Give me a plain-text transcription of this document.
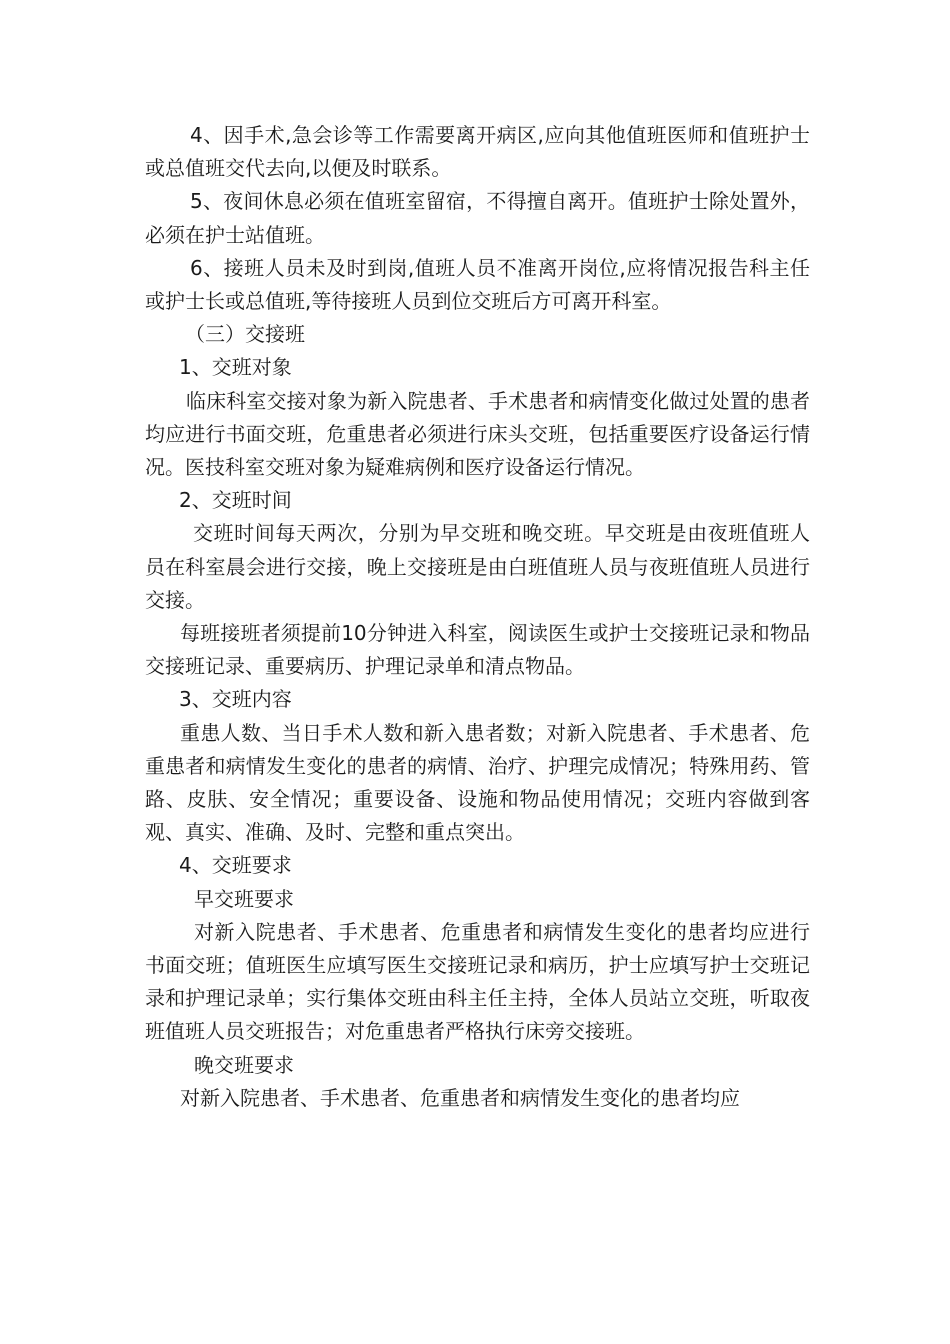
4、因手术,急会诊等工作需要离开病区,应向其他值班医师和值班护士或总值班交代去向,以便及时联系。

5、夜间休息必须在值班室留宿，不得擅自离开。值班护士除处置外，必须在护士站值班。

6、接班人员未及时到岗,值班人员不准离开岗位,应将情况报告科主任或护士长或总值班,等待接班人员到位交班后方可离开科室。

（三）交接班

1、交班对象

临床科室交接对象为新入院患者、手术患者和病情变化做过处置的患者均应进行书面交班，危重患者必须进行床头交班，包括重要医疗设备运行情况。医技科室交班对象为疑难病例和医疗设备运行情况。

2、交班时间

交班时间每天两次，分别为早交班和晚交班。早交班是由夜班值班人员在科室晨会进行交接，晚上交接班是由白班值班人员与夜班值班人员进行交接。

每班接班者须提前10分钟进入科室，阅读医生或护士交接班记录和物品交接班记录、重要病历、护理记录单和清点物品。

3、交班内容

重患人数、当日手术人数和新入患者数；对新入院患者、手术患者、危重患者和病情发生变化的患者的病情、治疗、护理完成情况；特殊用药、管路、皮肤、安全情况；重要设备、设施和物品使用情况；交班内容做到客观、真实、准确、及时、完整和重点突出。

4、交班要求

早交班要求

对新入院患者、手术患者、危重患者和病情发生变化的患者均应进行书面交班；值班医生应填写医生交接班记录和病历，护士应填写护士交班记录和护理记录单；实行集体交班由科主任主持，全体人员站立交班，听取夜班值班人员交班报告；对危重患者严格执行床旁交接班。

晚交班要求

对新入院患者、手术患者、危重患者和病情发生变化的患者均应
